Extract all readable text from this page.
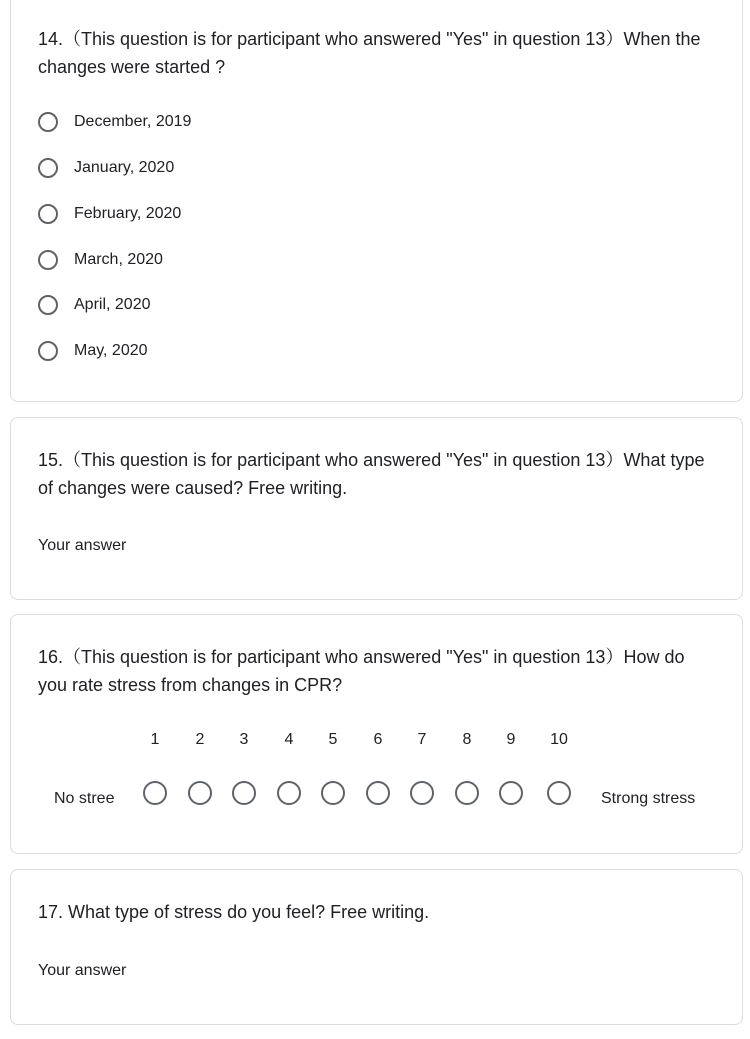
14.（This question is for participant who answered "Yes" in question 13）When the changes were started ?

December, 2019
January, 2020
February, 2020
March, 2020
April, 2020
May, 2020

15.（This question is for participant who answered "Yes" in question 13）What type of changes were caused? Free writing.

Your answer

16.（This question is for participant who answered "Yes" in question 13）How do you rate stress from changes in CPR?

1	2	3	4	5	6	7	8	9	10
No stree	Strong stress

17. What type of stress do you feel? Free writing.

Your answer
